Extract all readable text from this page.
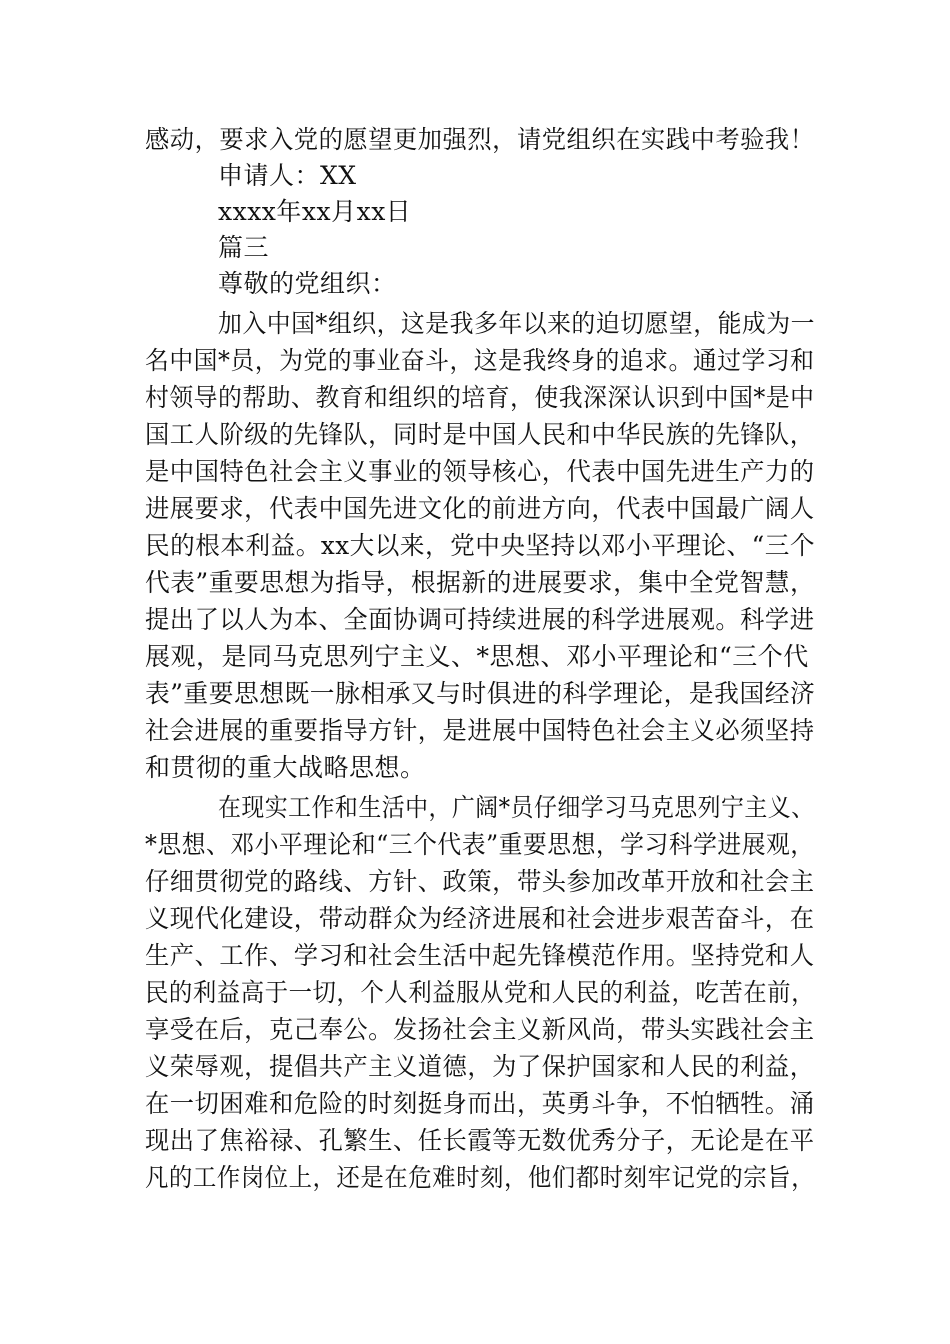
感动，要求入党的愿望更加强烈，请党组织在实践中考验我！
申请人：XX
xxxx年xx月xx日
篇三
尊敬的党组织：
加入中国*组织，这是我多年以来的迫切愿望，能成为一
名中国*员，为党的事业奋斗，这是我终身的追求。通过学习和
村领导的帮助、教育和组织的培育，使我深深认识到中国*是中
国工人阶级的先锋队，同时是中国人民和中华民族的先锋队，
是中国特色社会主义事业的领导核心，代表中国先进生产力的
进展要求，代表中国先进文化的前进方向，代表中国最广阔人
民的根本利益。xx大以来，党中央坚持以邓小平理论、“三个
代表”重要思想为指导，根据新的进展要求，集中全党智慧，
提出了以人为本、全面协调可持续进展的科学进展观。科学进
展观，是同马克思列宁主义、*思想、邓小平理论和“三个代
表”重要思想既一脉相承又与时俱进的科学理论，是我国经济
社会进展的重要指导方针，是进展中国特色社会主义必须坚持
和贯彻的重大战略思想。
在现实工作和生活中，广阔*员仔细学习马克思列宁主义、
*思想、邓小平理论和“三个代表”重要思想，学习科学进展观，
仔细贯彻党的路线、方针、政策，带头参加改革开放和社会主
义现代化建设，带动群众为经济进展和社会进步艰苦奋斗，在
生产、工作、学习和社会生活中起先锋模范作用。坚持党和人
民的利益高于一切，个人利益服从党和人民的利益，吃苦在前，
享受在后，克己奉公。发扬社会主义新风尚，带头实践社会主
义荣辱观，提倡共产主义道德，为了保护国家和人民的利益，
在一切困难和危险的时刻挺身而出，英勇斗争，不怕牺牲。涌
现出了焦裕禄、孔繁生、任长霞等无数优秀分子，无论是在平
凡的工作岗位上，还是在危难时刻，他们都时刻牢记党的宗旨，
